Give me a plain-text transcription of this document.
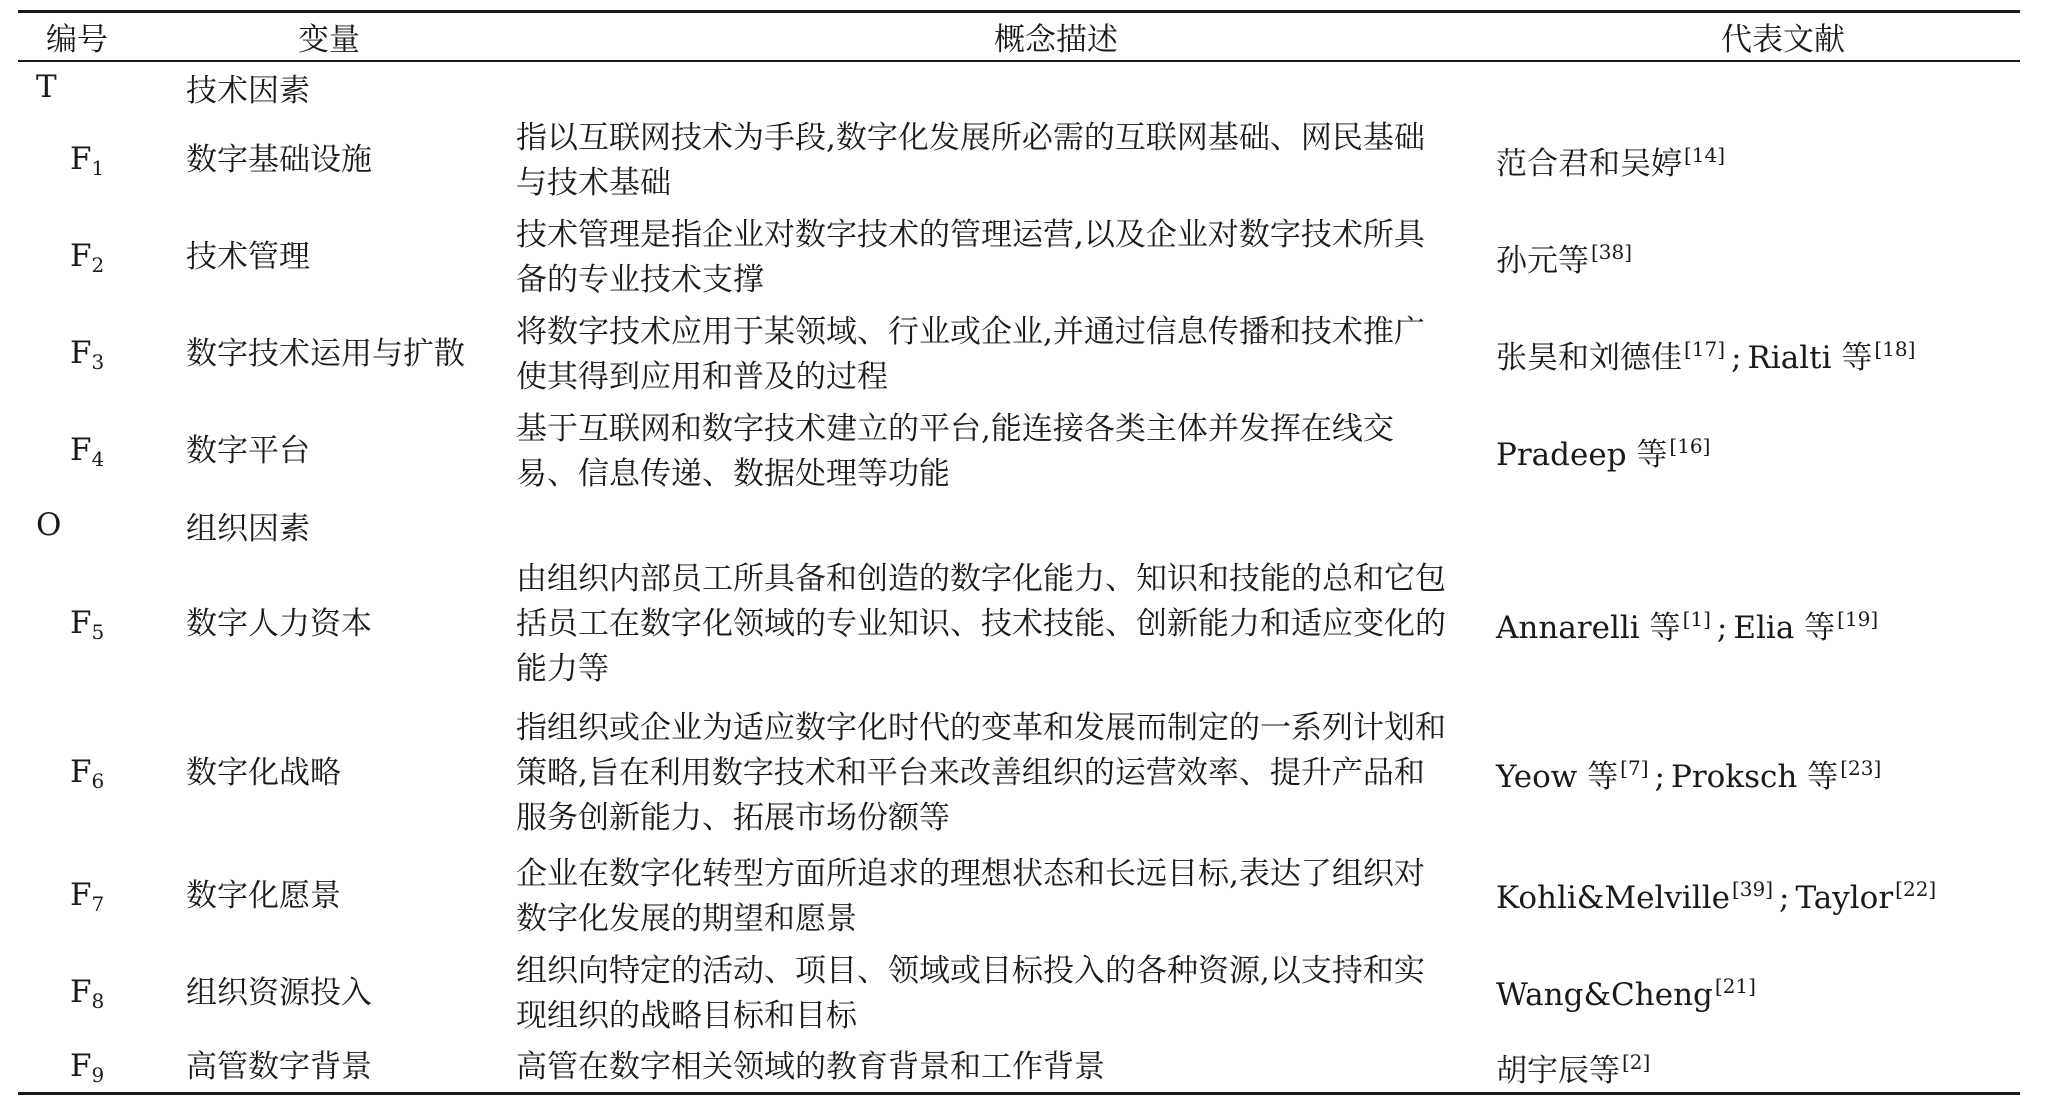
编号	变量	概念描述	代表文献
T	技术因素		
$F_1$	数字基础设施	指以互联网技术为手段,数字化发展所必需的互联网基础、网民基础与技术基础	范合君和吴婷 [14]
$F_2$	技术管理	技术管理是指企业对数字技术的管理运营,以及企业对数字技术所具备的专业技术支撑	孙元等 [38]
$F_3$	数字技术运用与扩散	将数字技术应用于某领域、行业或企业,并通过信息传播和技术推广使其得到应用和普及的过程	张昊和刘德佳 [17] ; Rialti 等 [18]
$F_4$	数字平台	基于互联网和数字技术建立的平台,能连接各类主体并发挥在线交易、信息传递、数据处理等功能	Pradeep 等 [16]
O	组织因素		
$F_5$	数字人力资本	由组织内部员工所具备和创造的数字化能力、知识和技能的总和它包括员工在数字化领域的专业知识、技术技能、创新能力和适应变化的能力等	Annarelli 等 [1] ; Elia 等 [19]
$F_6$	数字化战略	指组织或企业为适应数字化时代的变革和发展而制定的一系列计划和策略,旨在利用数字技术和平台来改善组织的运营效率、提升产品和服务创新能力、拓展市场份额等	Yeow 等 [7] ; Proksch 等 [23]
$F_7$	数字化愿景	企业在数字化转型方面所追求的理想状态和长远目标,表达了组织对数字化发展的期望和愿景	Kohli&Melville [39] ; Taylor [22]
$F_8$	组织资源投入	组织向特定的活动、项目、领域或目标投入的各种资源,以支持和实现组织的战略目标和目标	Wang&Cheng [21]
$F_9$	高管数字背景	高管在数字相关领域的教育背景和工作背景	胡宇辰等 [2]
